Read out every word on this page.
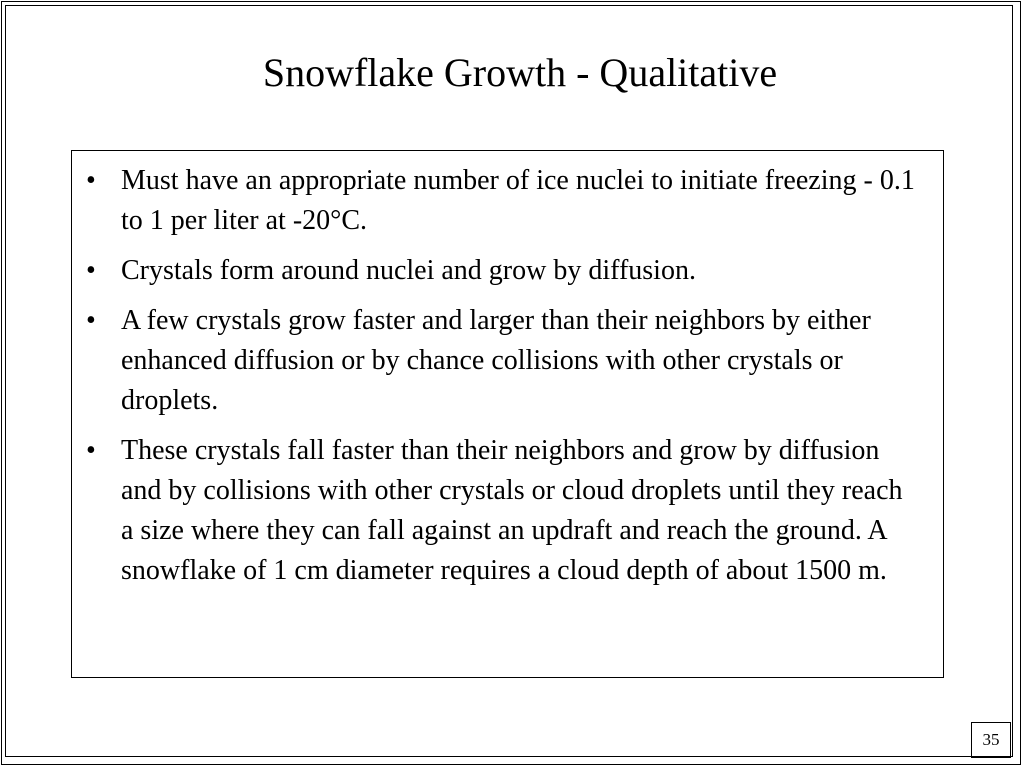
Snowflake Growth - Qualitative
• Must have an appropriate number of ice nuclei to initiate freezing - 0.1 to 1 per liter at -20°C.
• Crystals form around nuclei and grow by diffusion.
• A few crystals grow faster and larger than their neighbors by either enhanced diffusion or by chance collisions with other crystals or droplets.
• These crystals fall faster than their neighbors and grow by diffusion and by collisions with other crystals or cloud droplets until they reach a size where they can fall against an updraft and reach the ground. A snowflake of 1 cm diameter requires a cloud depth of about 1500 m.
35
